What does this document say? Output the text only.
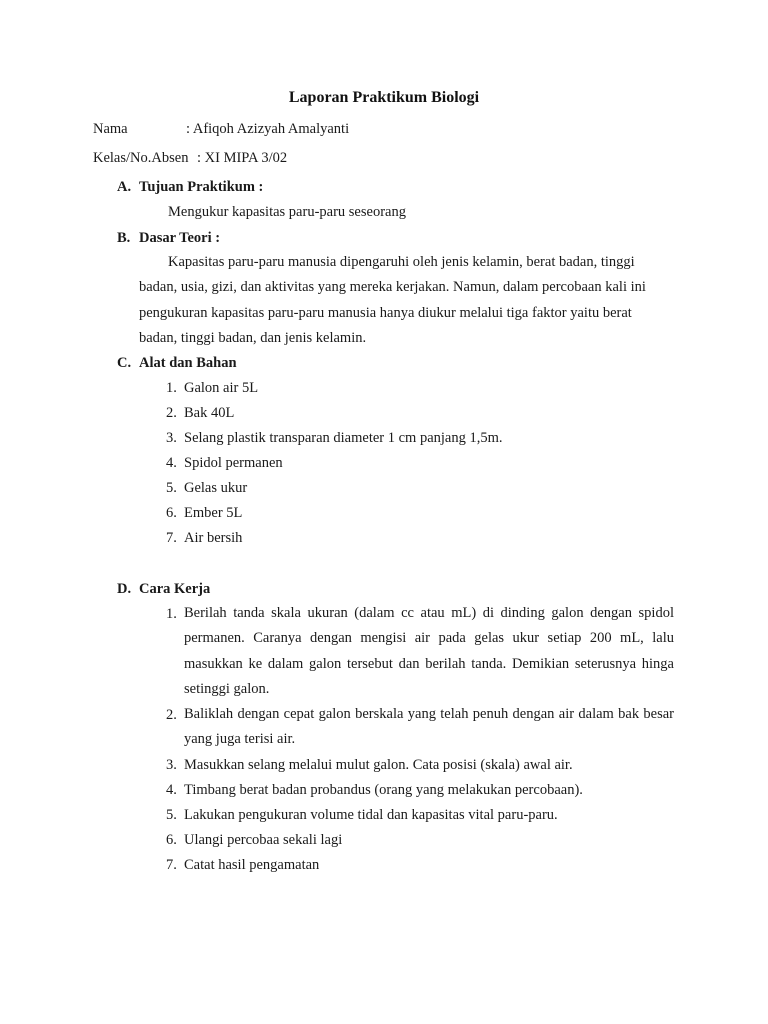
Laporan Praktikum Biologi
Nama	: Afiqoh Azizyah Amalyanti
Kelas/No.Absen : XI MIPA 3/02
A. Tujuan Praktikum :
Mengukur kapasitas paru-paru seseorang
B. Dasar Teori :
Kapasitas paru-paru manusia dipengaruhi oleh jenis kelamin, berat badan, tinggi badan, usia, gizi, dan aktivitas yang mereka kerjakan. Namun, dalam percobaan kali ini pengukuran kapasitas paru-paru manusia hanya diukur melalui tiga faktor yaitu berat badan, tinggi badan, dan jenis kelamin.
C. Alat dan Bahan
1. Galon air 5L
2. Bak 40L
3. Selang plastik transparan diameter 1 cm panjang 1,5m.
4. Spidol permanen
5. Gelas ukur
6. Ember 5L
7. Air bersih
D. Cara Kerja
1. Berilah tanda skala ukuran (dalam cc atau mL) di dinding galon dengan spidol permanen. Caranya dengan mengisi air pada gelas ukur setiap 200 mL, lalu masukkan ke dalam galon tersebut dan berilah tanda. Demikian seterusnya hinga setinggi galon.
2. Baliklah dengan cepat galon berskala yang telah penuh dengan air dalam bak besar yang juga terisi air.
3. Masukkan selang melalui mulut galon. Cata posisi (skala) awal air.
4. Timbang berat badan probandus (orang yang melakukan percobaan).
5. Lakukan pengukuran volume tidal dan kapasitas vital paru-paru.
6. Ulangi percobaa sekali lagi
7. Catat hasil pengamatan
